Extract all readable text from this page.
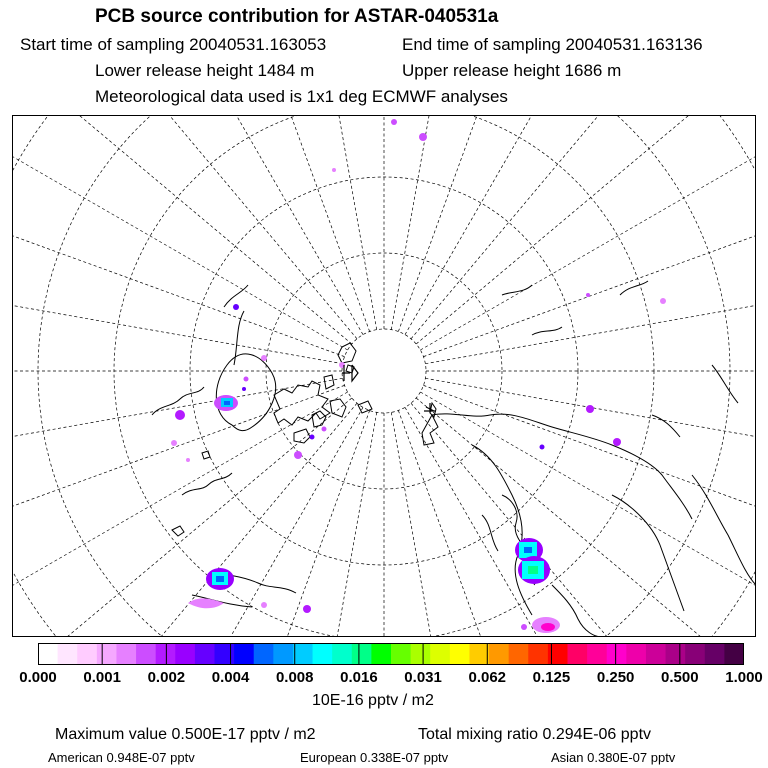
PCB source contribution for ASTAR-040531a
Start time of sampling 20040531.163053	End time of sampling 20040531.163136
Lower release height 1484 m	Upper release height 1686 m
Meteorological data used is 1x1 deg ECMWF analyses
0.000 0.001 0.002 0.004 0.008 0.016 0.031 0.062 0.125 0.250 0.500 1.000
10E-16 pptv / m2
Maximum value 0.500E-17 pptv / m2	Total mixing ratio 0.294E-06 pptv
American 0.948E-07 pptv	European 0.338E-07 pptv	Asian 0.380E-07 pptv
